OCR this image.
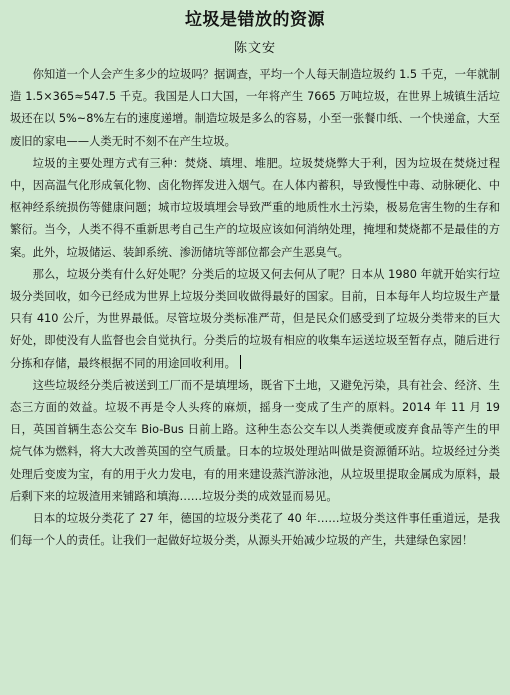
垃圾是错放的资源
陈文安

你知道一个人会产生多少的垃圾吗？据调查，平均一个人每天制造垃圾约 1.5 千克，一年就制造 1.5×365≈547.5 千克。我国是人口大国，一年将产生 7665 万吨垃圾，在世界上城镇生活垃圾还在以 5%~8%左右的速度递增。制造垃圾是多么的容易，小至一张餐巾纸、一个快递盒，大至废旧的家电——人类无时不刻不在产生垃圾。

垃圾的主要处理方式有三种：焚烧、填埋、堆肥。垃圾焚烧弊大于利，因为垃圾在焚烧过程中，因高温气化形成氧化物、卤化物挥发进入烟气。在人体内蓄积，导致慢性中毒、动脉硬化、中枢神经系统损伤等健康问题；城市垃圾填埋会导致严重的地质性水土污染，极易危害生物的生存和繁衍。当今，人类不得不重新思考自己生产的垃圾应该如何消纳处理，掩埋和焚烧都不是最佳的方案。此外，垃圾储运、装卸系统、渗沥储坑等部位都会产生恶臭气。

那么，垃圾分类有什么好处呢？分类后的垃圾又何去何从了呢？日本从 1980 年就开始实行垃圾分类回收，如今已经成为世界上垃圾分类回收做得最好的国家。目前，日本每年人均垃圾生产量只有 410 公斤，为世界最低。尽管垃圾分类标准严苛，但是民众们感受到了垃圾分类带来的巨大好处，即使没有人监督也会自觉执行。分类后的垃圾有相应的收集车运送垃圾至暂存点，随后进行分拣和存储，最终根据不同的用途回收利用。

这些垃圾经分类后被送到工厂而不是填埋场，既省下土地，又避免污染，具有社会、经济、生态三方面的效益。垃圾不再是令人头疼的麻烦，摇身一变成了生产的原料。2014 年 11 月 19 日，英国首辆生态公交车 Bio-Bus 日前上路。这种生态公交车以人类粪便或废弃食品等产生的甲烷气体为燃料，将大大改善英国的空气质量。日本的垃圾处理站叫做是资源循环站。垃圾经过分类处理后变废为宝，有的用于火力发电，有的用来建设蒸汽游泳池，从垃圾里提取金属成为原料，最后剩下来的垃圾渣用来铺路和填海……垃圾分类的成效显而易见。

日本的垃圾分类花了 27 年，德国的垃圾分类花了 40 年……垃圾分类这件事任重道远，是我们每一个人的责任。让我们一起做好垃圾分类，从源头开始减少垃圾的产生，共建绿色家园！
